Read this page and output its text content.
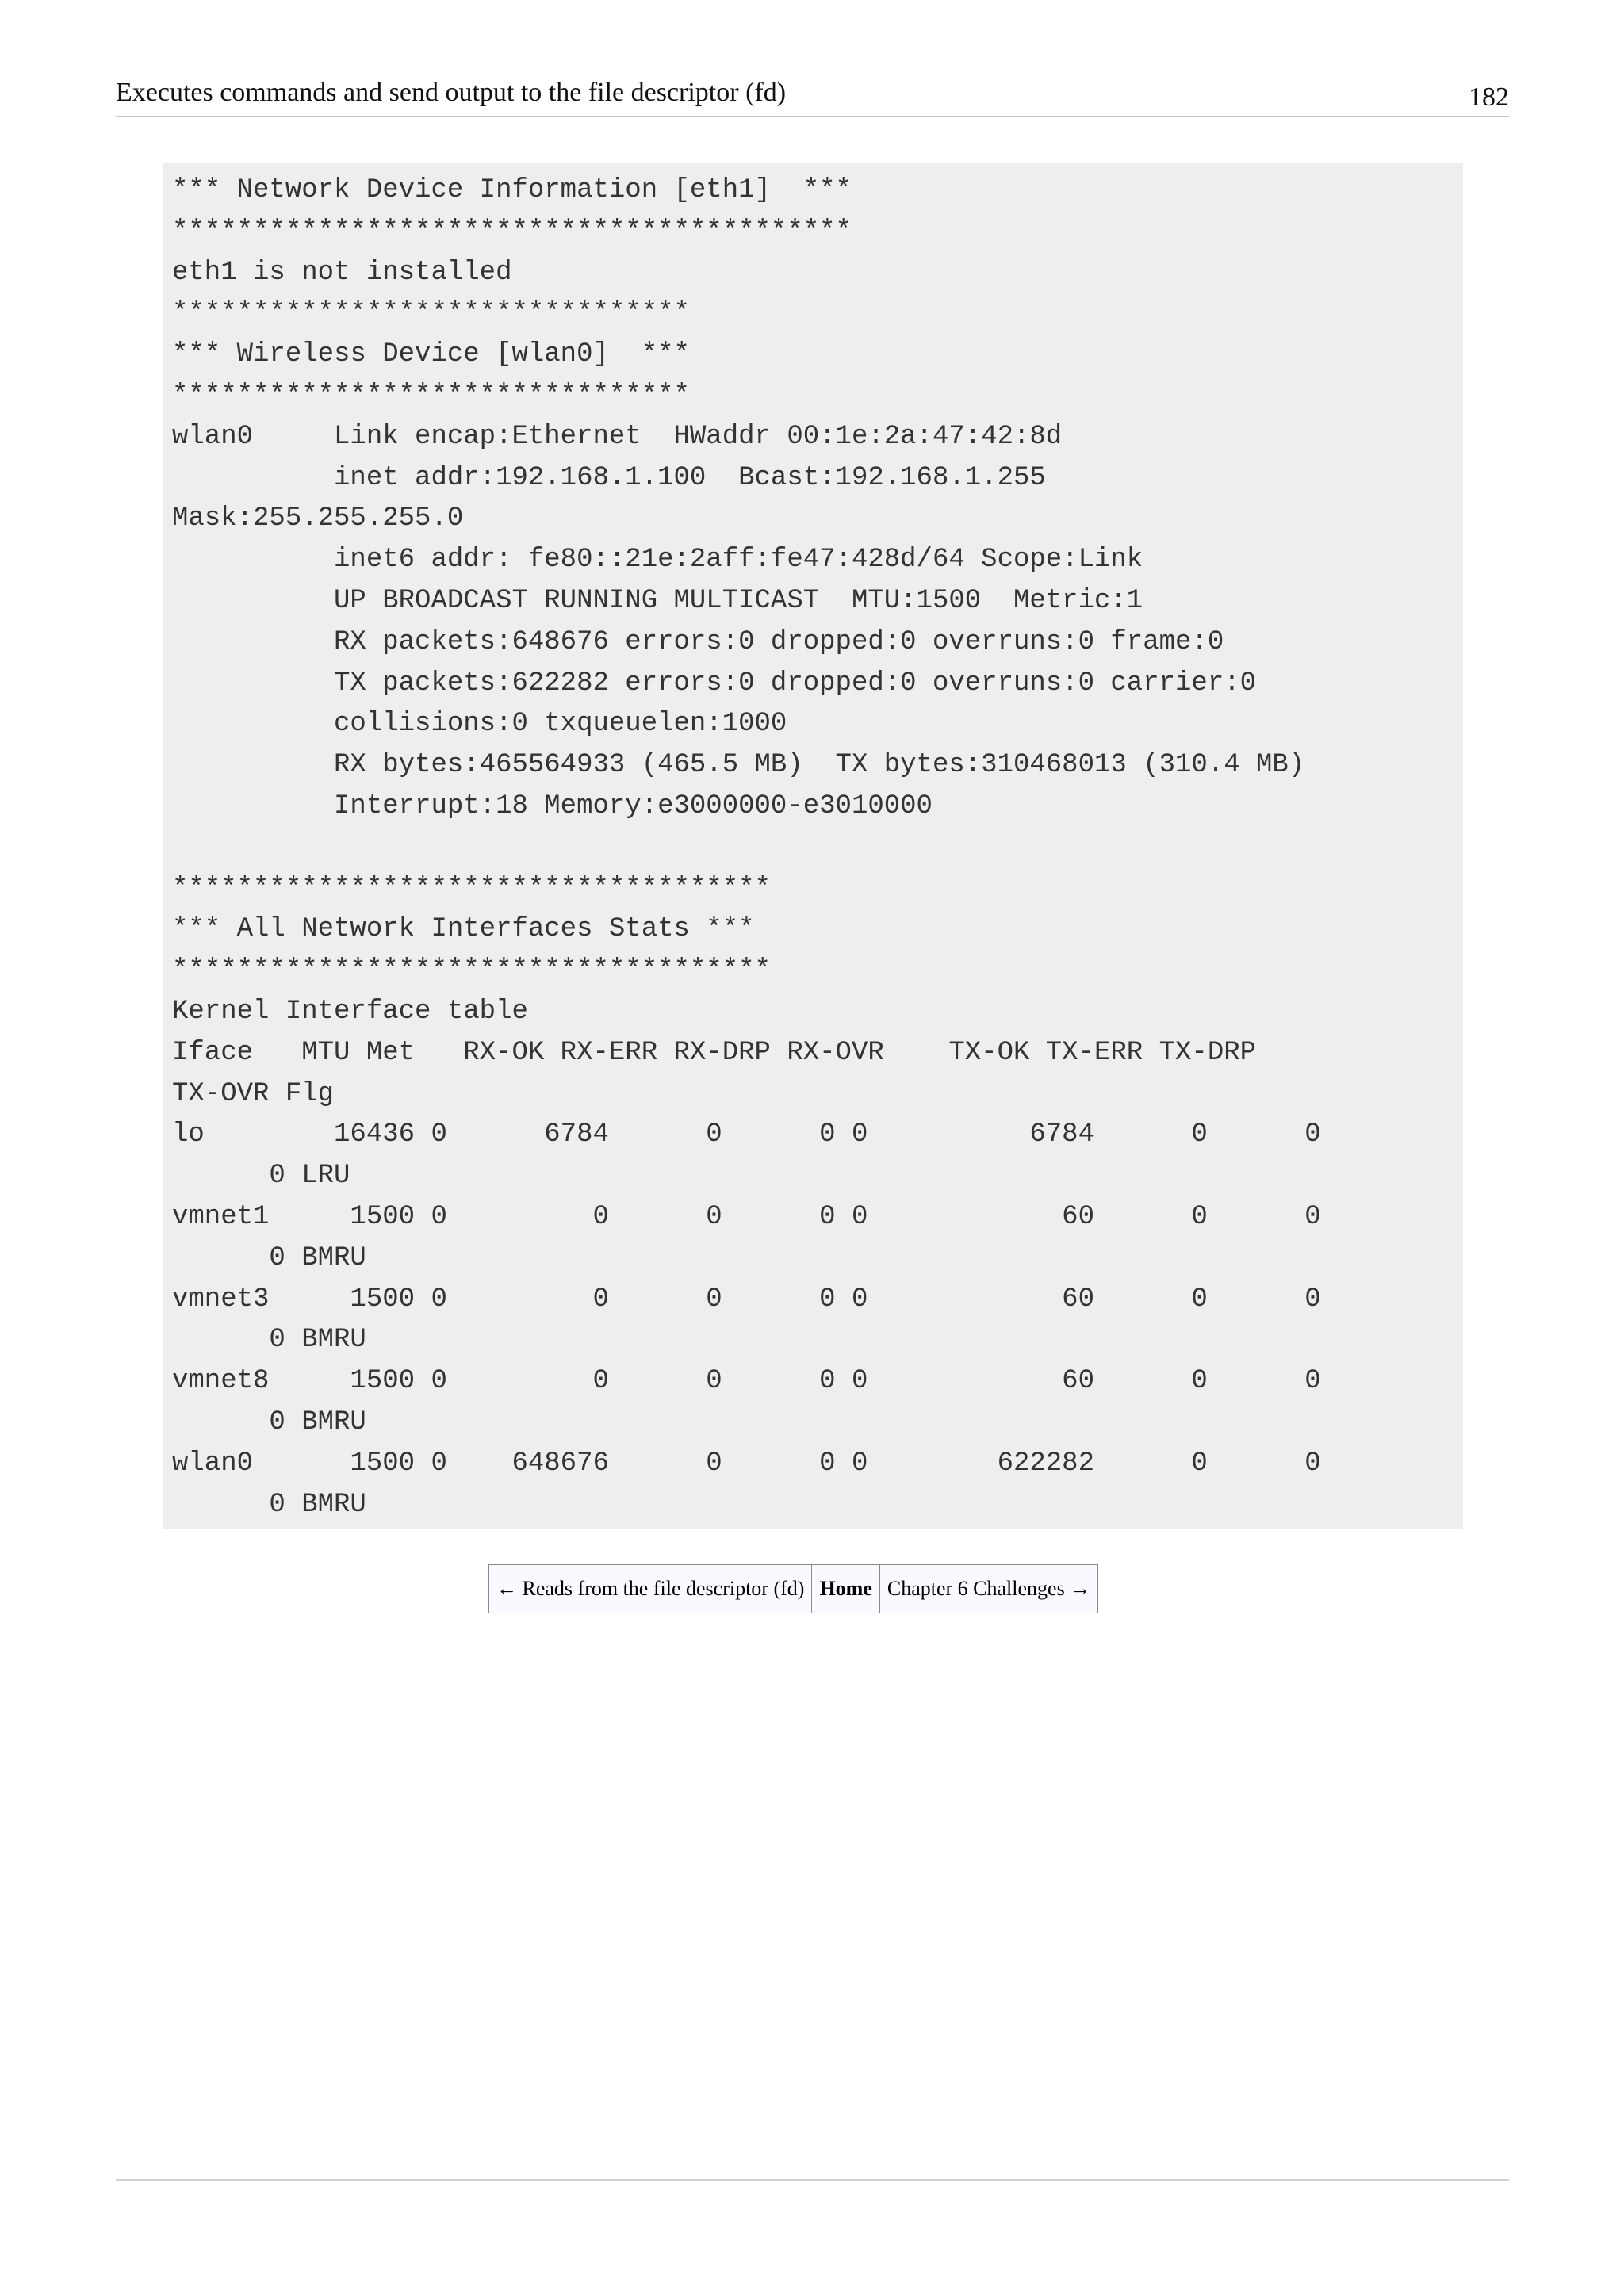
Executes commands and send output to the file descriptor (fd)	182
*** Network Device Information [eth1]  ***
******************************************
eth1 is not installed
********************************
*** Wireless Device [wlan0]  ***
********************************
wlan0     Link encap:Ethernet  HWaddr 00:1e:2a:47:42:8d
inet addr:192.168.1.100  Bcast:192.168.1.255
Mask:255.255.255.0
inet6 addr: fe80::21e:2aff:fe47:428d/64 Scope:Link
UP BROADCAST RUNNING MULTICAST  MTU:1500  Metric:1
RX packets:648676 errors:0 dropped:0 overruns:0 frame:0
TX packets:622282 errors:0 dropped:0 overruns:0 carrier:0
collisions:0 txqueuelen:1000
RX bytes:465564933 (465.5 MB)  TX bytes:310468013 (310.4 MB)
Interrupt:18 Memory:e3000000-e3010000
*************************************
*** All Network Interfaces Stats ***
*************************************
Kernel Interface table
Iface   MTU Met   RX-OK RX-ERR RX-DRP RX-OVR    TX-OK TX-ERR TX-DRP
TX-OVR Flg
lo        16436 0      6784      0      0 0          6784      0      0
0 LRU
vmnet1     1500 0         0      0      0 0            60      0      0
0 BMRU
vmnet3     1500 0         0      0      0 0            60      0      0
0 BMRU
vmnet8     1500 0         0      0      0 0            60      0      0
0 BMRU
wlan0      1500 0    648676      0      0 0        622282      0      0
0 BMRU
← Reads from the file descriptor (fd)	Home	Chapter 6 Challenges →
